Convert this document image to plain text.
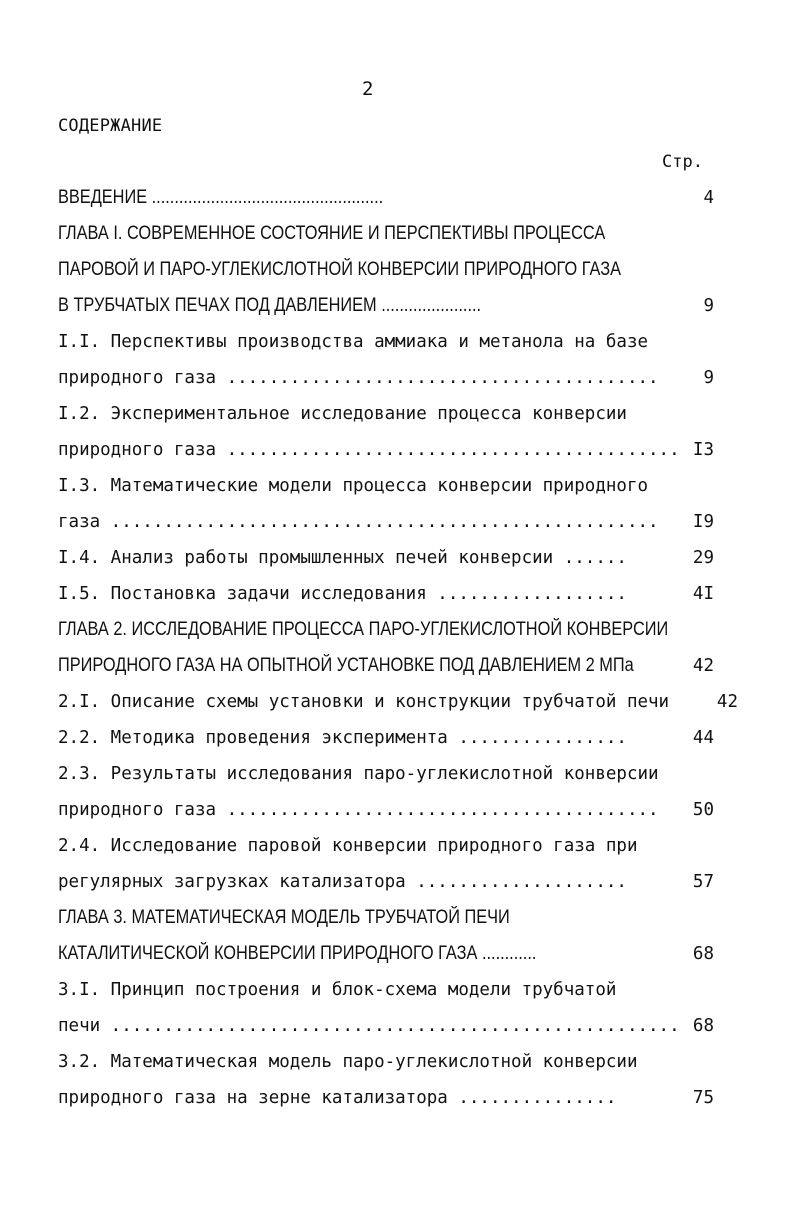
2
СОДЕРЖАНИЕ
Стр.
ВВЕДЕНИЕ ...................................................	4
ГЛАВА I. СОВРЕМЕННОЕ СОСТОЯНИЕ И ПЕРСПЕКТИВЫ ПРОЦЕССА
ПАРОВОЙ И ПАРО-УГЛЕКИСЛОТНОЙ КОНВЕРСИИ ПРИРОДНОГО ГАЗА
В ТРУБЧАТЫХ ПЕЧАХ ПОД ДАВЛЕНИЕМ ......................	9
I.I. Перспективы производства аммиака и метанола на базе
природного газа .........................................	9
I.2. Экспериментальное исследование процесса конверсии
природного газа ........................................... I3
I.3. Математические модели процесса конверсии природного
газа .................................................... I9
I.4. Анализ работы промышленных печей конверсии ......	29
I.5. Постановка задачи исследования ..................	4I
ГЛАВА 2. ИССЛЕДОВАНИЕ ПРОЦЕССА ПАРО-УГЛЕКИСЛОТНОЙ КОНВЕРСИИ
ПРИРОДНОГО ГАЗА НА ОПЫТНОЙ УСТАНОВКЕ ПОД ДАВЛЕНИЕМ 2 МПа	42
2.I. Описание схемы установки и конструкции трубчатой печи	42
2.2. Методика проведения эксперимента ................	44
2.3. Результаты исследования паро-углекислотной конверсии
природного газа ......................................... 50
2.4. Исследование паровой конверсии природного газа при
регулярных загрузках катализатора ....................	57
ГЛАВА 3. МАТЕМАТИЧЕСКАЯ МОДЕЛЬ ТРУБЧАТОЙ ПЕЧИ
КАТАЛИТИЧЕСКОЙ КОНВЕРСИИ ПРИРОДНОГО ГАЗА ............	68
3.I. Принцип построения и блок-схема модели трубчатой
печи ...................................................... 68
3.2. Математическая модель паро-углекислотной конверсии
природного газа на зерне катализатора ...............	75
